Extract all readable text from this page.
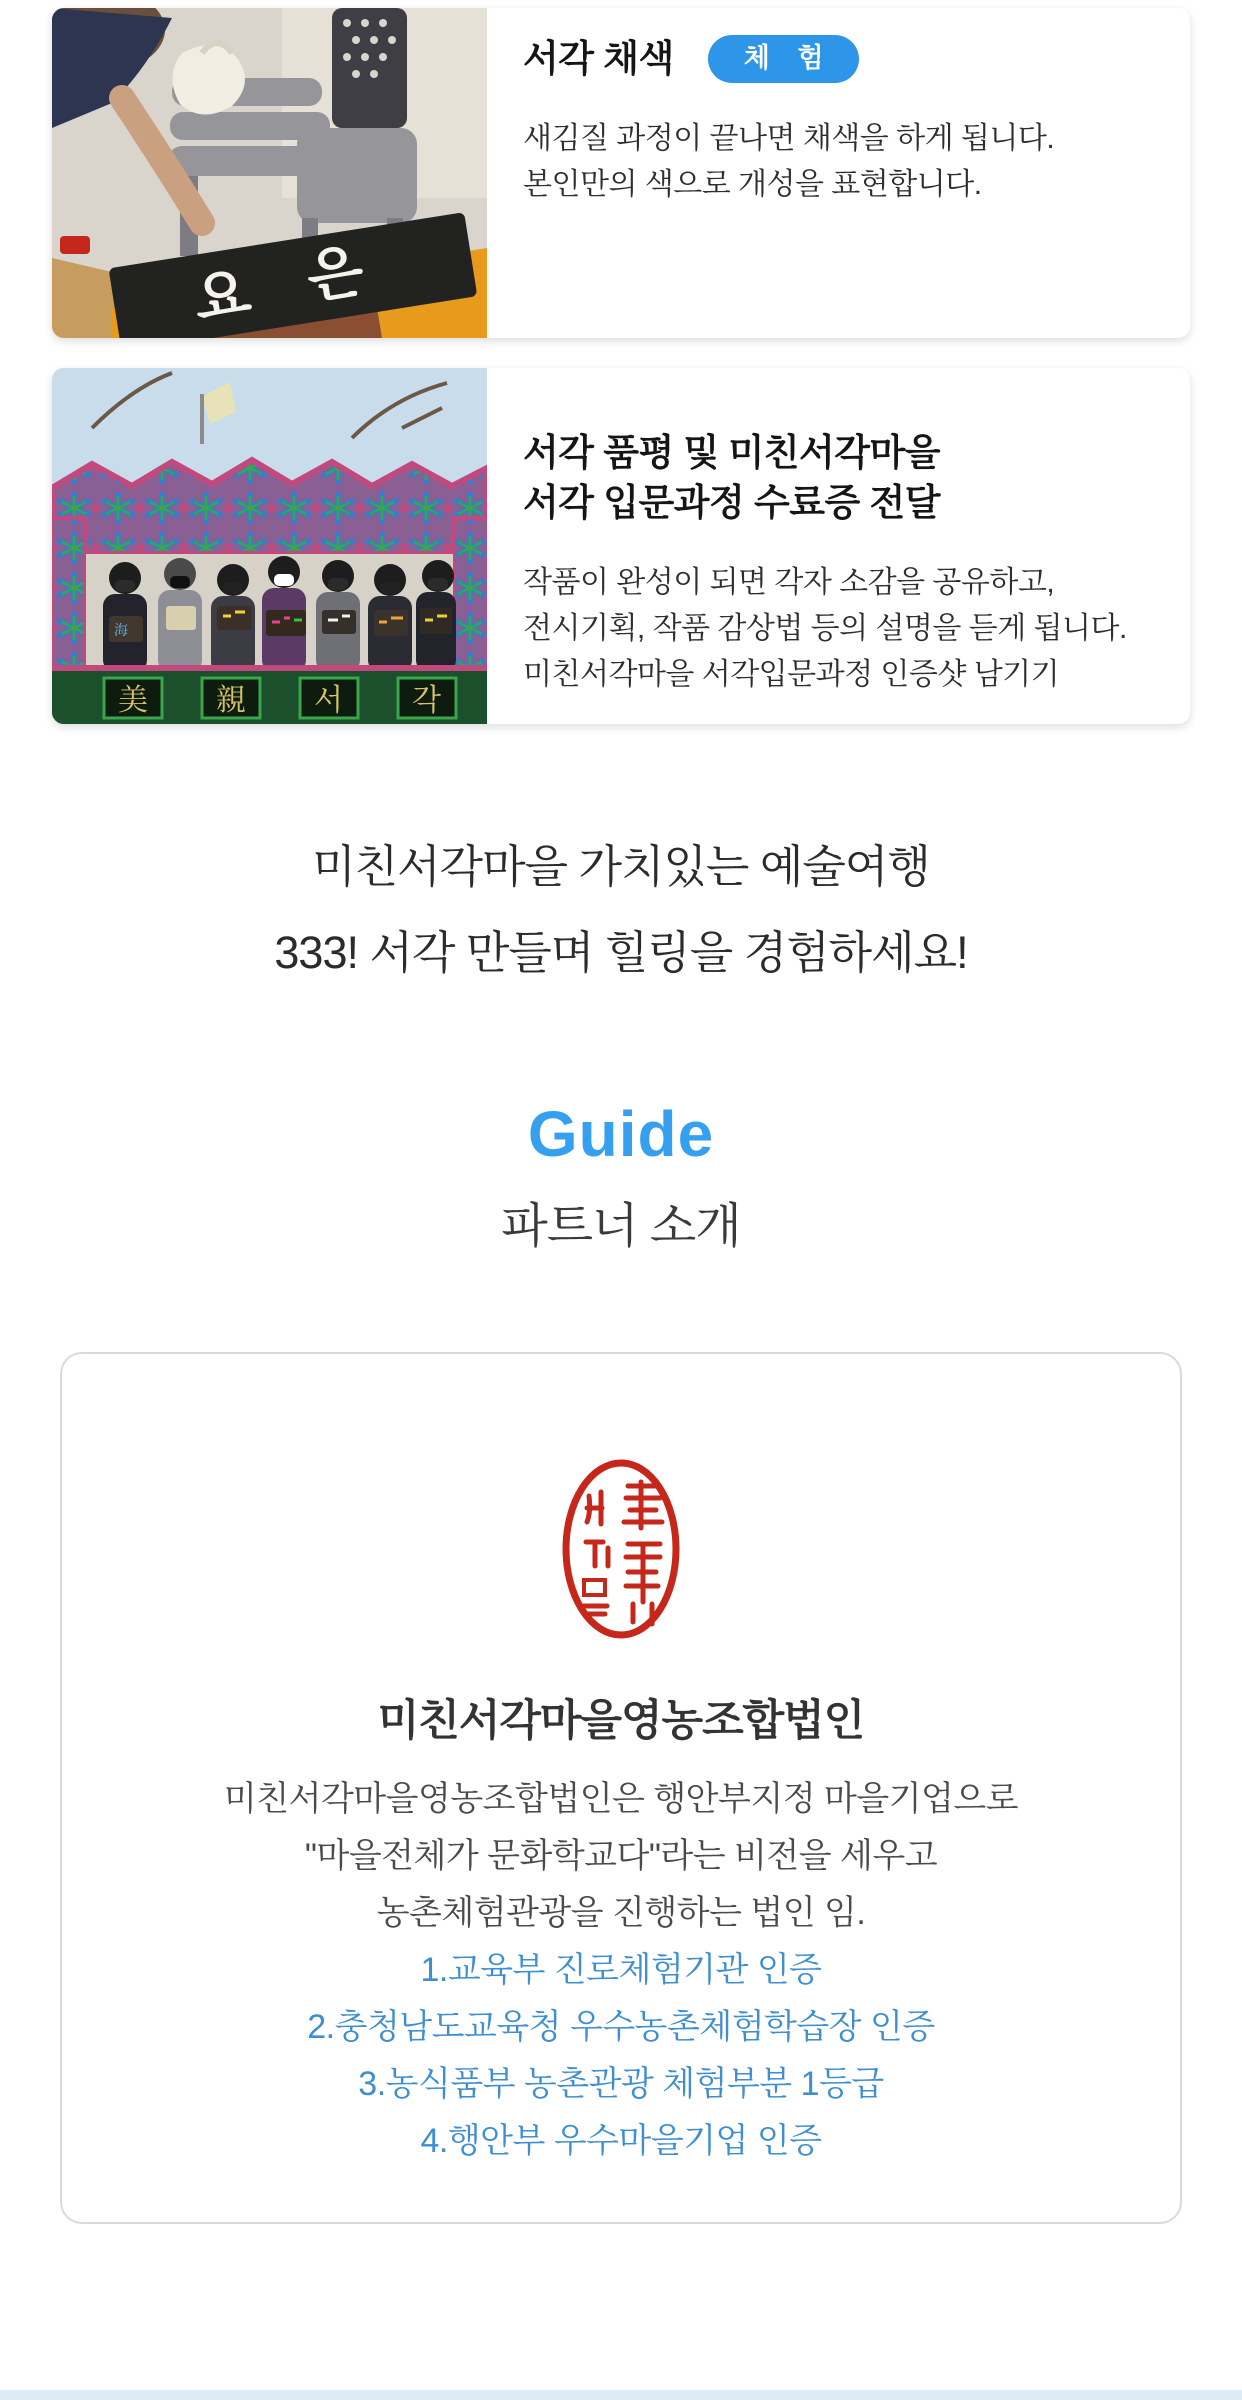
요 은
서각 채색	체 험

새김질 과정이 끝나면 채색을 하게 됩니다.
본인만의 색으로 개성을 표현합니다.

海
美 親 서 각
서각 품평 및 미친서각마을
서각 입문과정 수료증 전달

작품이 완성이 되면 각자 소감을 공유하고,
전시기획, 작품 감상법 등의 설명을 듣게 됩니다.
미친서각마을 서각입문과정 인증샷 남기기

미친서각마을 가치있는 예술여행
333! 서각 만들며 힐링을 경험하세요!
Guide
파트너 소개
미친서각마을영농조합법인

미친서각마을영농조합법인은 행안부지정 마을기업으로
"마을전체가 문화학교다"라는 비전을 세우고
농촌체험관광을 진행하는 법인 임.

1.교육부 진로체험기관 인증
2.충청남도교육청 우수농촌체험학습장 인증
3.농식품부 농촌관광 체험부분 1등급
4.행안부 우수마을기업 인증
